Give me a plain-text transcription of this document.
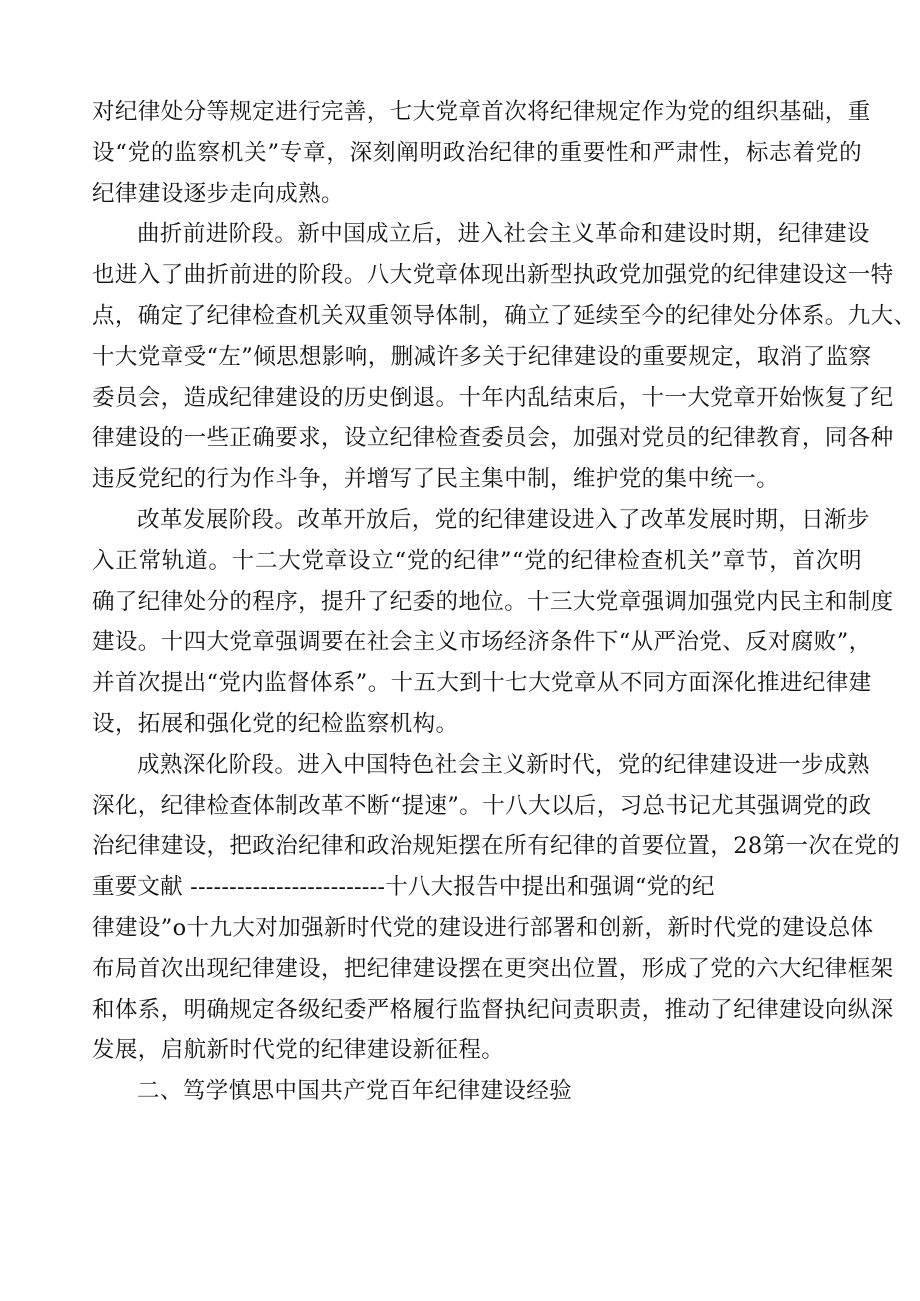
对纪律处分等规定进行完善，七大党章首次将纪律规定作为党的组织基础，重
设“党的监察机关”专章，深刻阐明政治纪律的重要性和严肃性，标志着党的
纪律建设逐步走向成熟。
曲折前进阶段。新中国成立后，进入社会主义革命和建设时期，纪律建设
也进入了曲折前进的阶段。八大党章体现出新型执政党加强党的纪律建设这一特
点，确定了纪律检查机关双重领导体制，确立了延续至今的纪律处分体系。九大、
十大党章受“左”倾思想影响，删减许多关于纪律建设的重要规定，取消了监察
委员会，造成纪律建设的历史倒退。十年内乱结束后，十一大党章开始恢复了纪
律建设的一些正确要求，设立纪律检查委员会，加强对党员的纪律教育，同各种
违反党纪的行为作斗争，并增写了民主集中制，维护党的集中统一。
改革发展阶段。改革开放后，党的纪律建设进入了改革发展时期，日渐步
入正常轨道。十二大党章设立“党的纪律”“党的纪律检查机关”章节，首次明
确了纪律处分的程序，提升了纪委的地位。十三大党章强调加强党内民主和制度
建设。十四大党章强调要在社会主义市场经济条件下“从严治党、反对腐败”，
并首次提出“党内监督体系”。十五大到十七大党章从不同方面深化推进纪律建
设，拓展和强化党的纪检监察机构。
成熟深化阶段。进入中国特色社会主义新时代，党的纪律建设进一步成熟
深化，纪律检查体制改革不断“提速”。十八大以后，习总书记尤其强调党的政
治纪律建设，把政治纪律和政治规矩摆在所有纪律的首要位置，28第一次在党的
重要文献 -------------------------十八大报告中提出和强调“党的纪
律建设”o十九大对加强新时代党的建设进行部署和创新，新时代党的建设总体
布局首次出现纪律建设，把纪律建设摆在更突出位置，形成了党的六大纪律框架
和体系，明确规定各级纪委严格履行监督执纪问责职责，推动了纪律建设向纵深
发展，启航新时代党的纪律建设新征程。
二、笃学慎思中国共产党百年纪律建设经验
